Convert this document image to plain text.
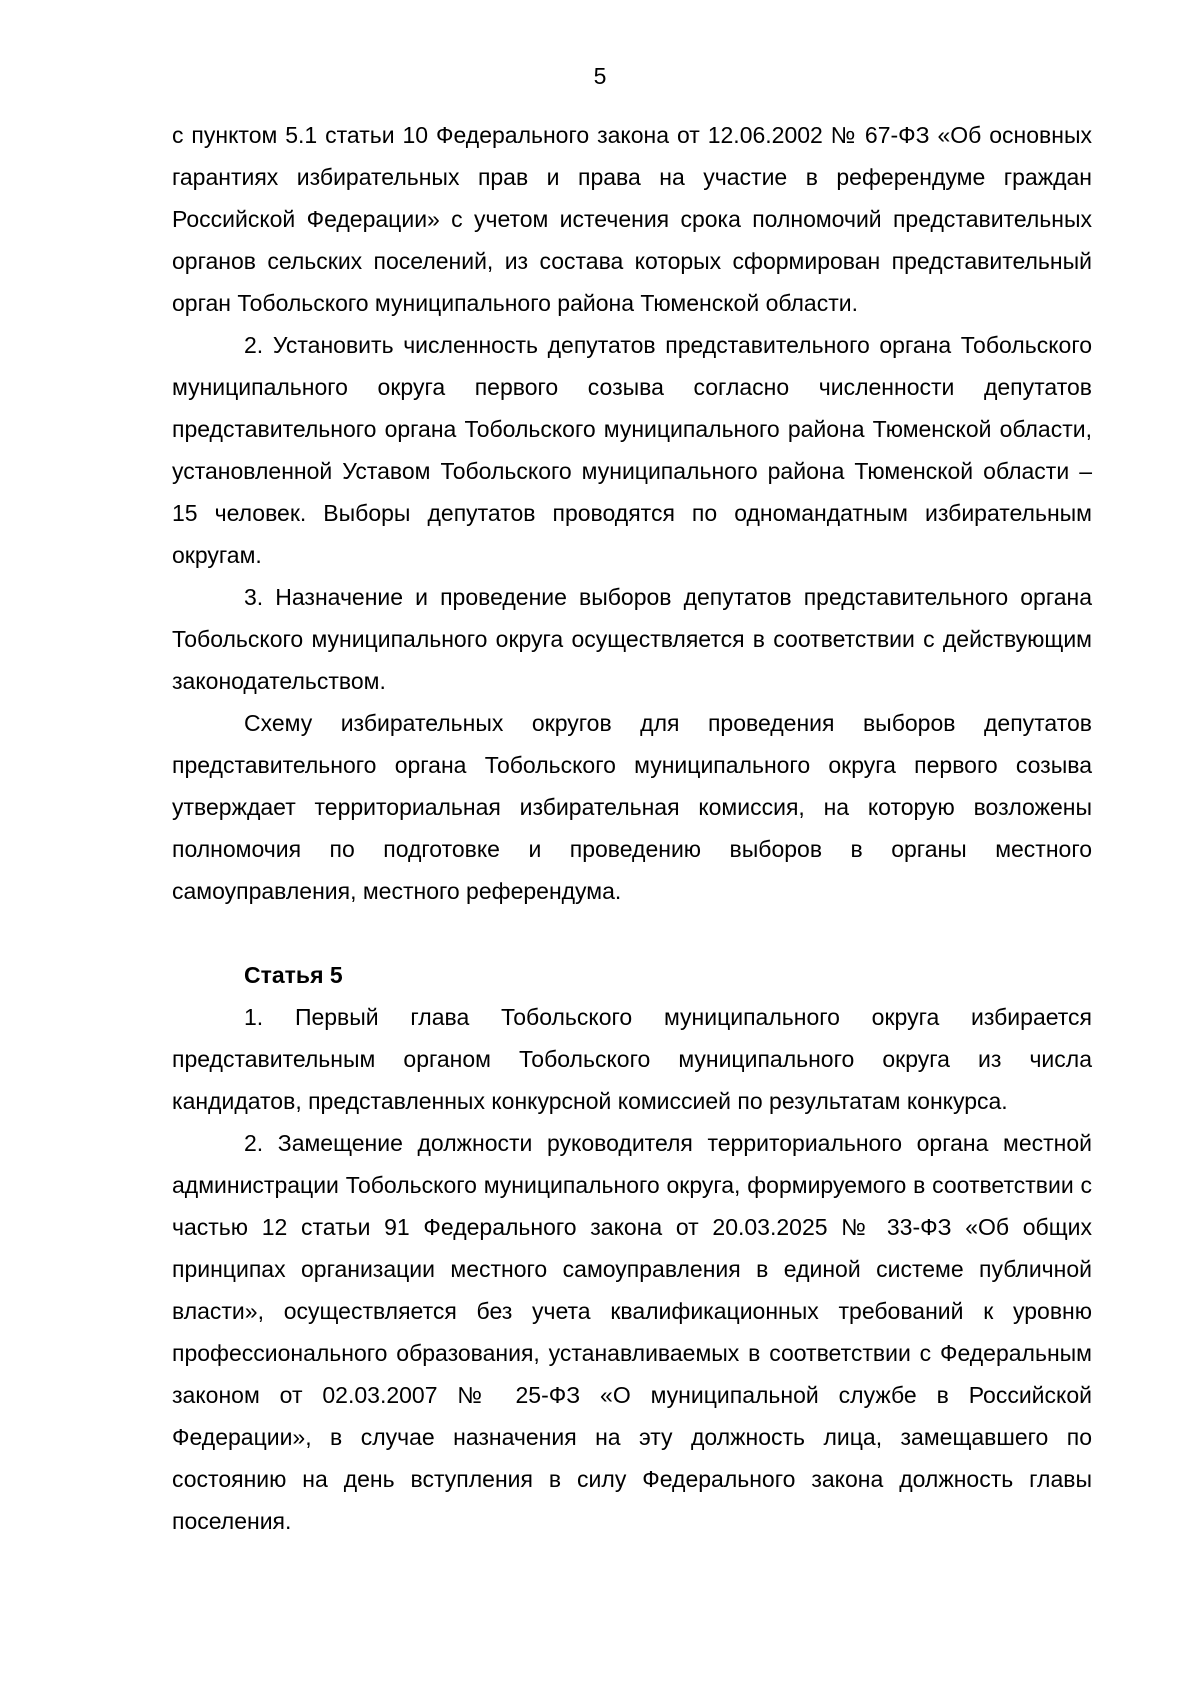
5

с пунктом 5.1 статьи 10 Федерального закона от 12.06.2002 № 67-ФЗ «Об основных гарантиях избирательных прав и права на участие в референдуме граждан Российской Федерации» с учетом истечения срока полномочий представительных органов сельских поселений, из состава которых сформирован представительный орган Тобольского муниципального района Тюменской области.

2. Установить численность депутатов представительного органа Тобольского муниципального округа первого созыва согласно численности депутатов представительного органа Тобольского муниципального района Тюменской области, установленной Уставом Тобольского муниципального района Тюменской области – 15 человек. Выборы депутатов проводятся по одномандатным избирательным округам.

3. Назначение и проведение выборов депутатов представительного органа Тобольского муниципального округа осуществляется в соответствии с действующим законодательством.

Схему избирательных округов для проведения выборов депутатов представительного органа Тобольского муниципального округа первого созыва утверждает территориальная избирательная комиссия, на которую возложены полномочия по подготовке и проведению выборов в органы местного самоуправления, местного референдума.

Статья 5

1. Первый глава Тобольского муниципального округа избирается представительным органом Тобольского муниципального округа из числа кандидатов, представленных конкурсной комиссией по результатам конкурса.

2. Замещение должности руководителя территориального органа местной администрации Тобольского муниципального округа, формируемого в соответствии с частью 12 статьи 91 Федерального закона от 20.03.2025 № 33-ФЗ «Об общих принципах организации местного самоуправления в единой системе публичной власти», осуществляется без учета квалификационных требований к уровню профессионального образования, устанавливаемых в соответствии с Федеральным законом от 02.03.2007 № 25-ФЗ «О муниципальной службе в Российской Федерации», в случае назначения на эту должность лица, замещавшего по состоянию на день вступления в силу Федерального закона должность главы поселения.
